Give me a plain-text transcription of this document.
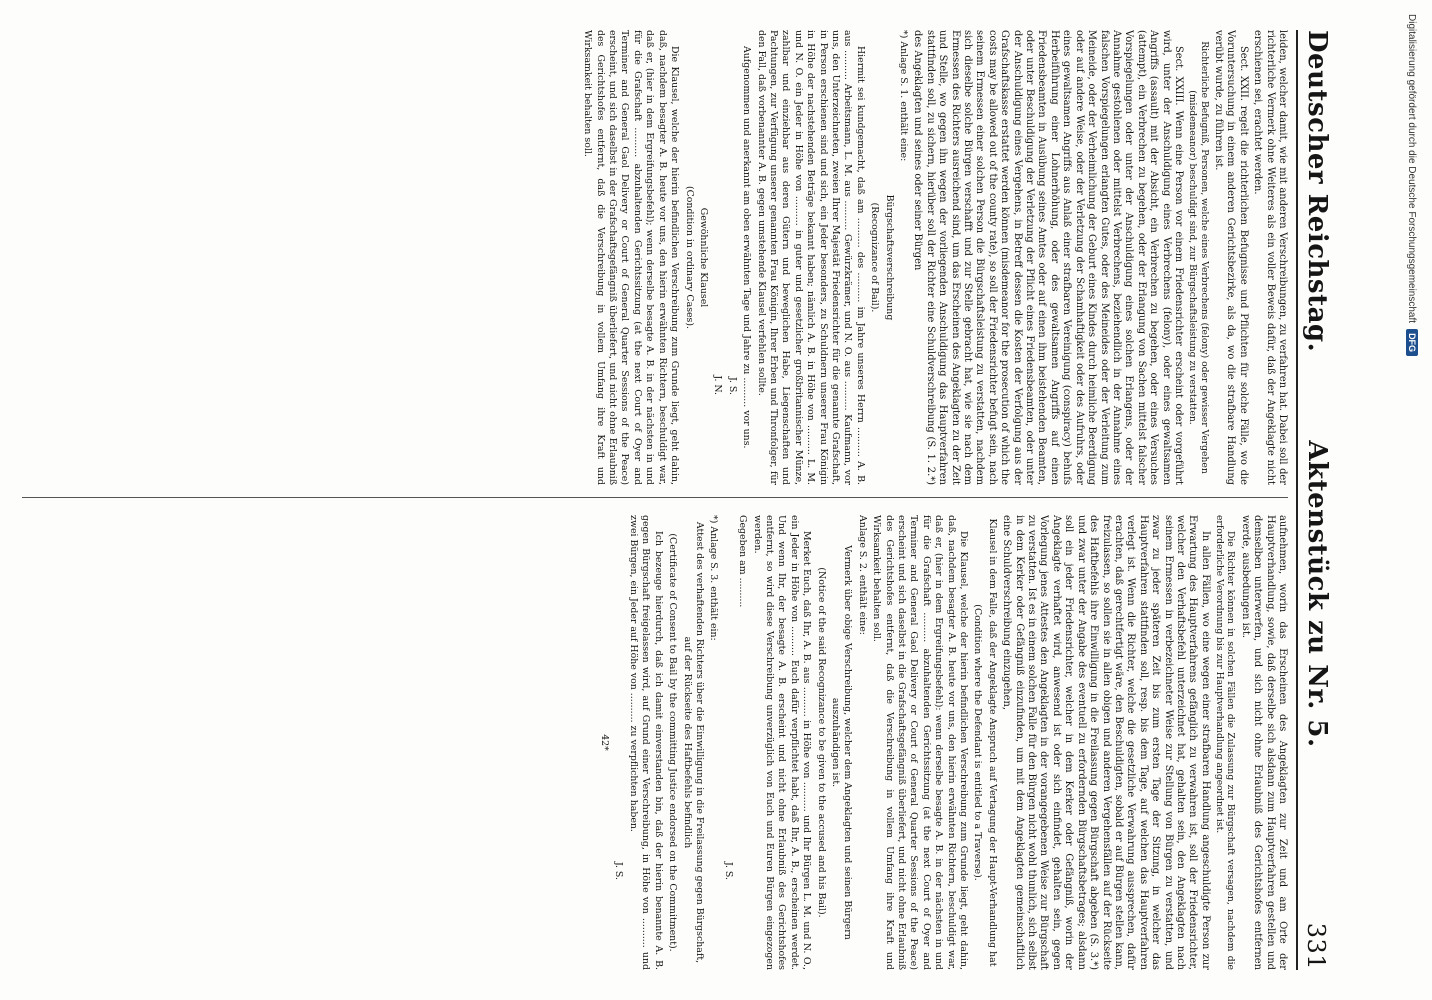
Deutscher Reichstag.
Aktenstück zu Nr. 5.
331

leiden, welcher damit, wie mit anderen Verschreibungen, zu verfahren hat. Dabei soll der richterliche Vermerk ohne Weiteres als ein voller Beweis dafür, daß der Angeklagte nicht erschienen sei, erachtet werden.

Sect. XXII. regelt die richterlichen Befugnisse und Pflichten für solche Fälle, wo die Voruntersuchung in einem anderen Gerichtsbezirke, als da, wo die strafbare Handlung verübt wurde, zu führen ist.

Richterliche Befugniß, Personen, welche eines Verbrechens (felony) oder gewisser Vergehen (misdemeanor) beschuldigt sind, zur Bürgschaftsleistung zu verstatten.

Sect. XXIII. Wenn eine Person vor einem Friedensrichter erscheint oder vorgeführt wird, unter der Anschuldigung eines Verbrechens (felony), oder eines gewaltsamen Angriffs (assault) mit der Absicht, ein Verbrechen zu begehen, oder eines Versuches (attempt), ein Verbrechen zu begehen, oder der Erlangung von Sachen mittelst falscher Vorspiegelungen oder unter der Anschuldigung eines solchen Erlangens, oder der Annahme gestohlenen oder mittelst Verbrechens, beziehendlich in der Annahme eines falschen Vorspiegelungen erlangten Gutes, oder des Meineides oder der Verleitung zum Meineide, oder der Verheimlichung der Geburt eines Kindes durch heimliche Beerdigung oder auf andere Weise, oder der Verletzung der Schamhaftigkeit oder des Aufruhrs, oder eines gewaltsamen Angriffs aus Anlaß einer strafbaren Vereinigung (conspiracy) behufs Herbeiführung einer Lohnerhöhung, oder des gewaltsamen Angriffs auf einen Friedensbeamten in Ausübung seines Amtes oder auf einen ihm beistehenden Beamten, oder unter Beschuldigung der Verletzung der Pflicht eines Friedensbeamten, oder unter der Anschuldigung eines Vergehens, in Betreff dessen die Kosten der Verfolgung aus der Grafschaftskasse erstattet werden können (misdemeanor for the prosecution of which the costs may be allowed out of the county rate), so soll der Friedensrichter befugt sein, nach seinem Ermessen einer solchen Person die Bürgschaftsleistung zu verstatten, nachdem sich dieselbe solche Bürgen verschafft und zur Stelle gebracht hat, wie sie nach dem Ermessen des Richters ausreichend sind, um das Erscheinen des Angeklagten zu der Zeit und Stelle, wo gegen ihn wegen der vorliegenden Anschuldigung das Hauptverfahren stattfinden soll, zu sichern, hierüber soll der Richter eine Schuldverschreibung (S. 1. 2.*) des Angeklagten und seines oder seiner Bürgen

*) Anlage S. 1. enthält eine:

Bürgschaftsverschreibung

(Recognizance of Bail).

Hiermit sei kundgemacht, daß am .......... des .......... im Jahre unseres Herrn .......... A. B. aus .......... Arbeitsmann, L. M. aus .......... Gewürzkrämer, und N. O. aus .......... Kaufmann, vor uns, den Unterzeichneten, zweien Ihrer Majestät Friedensrichter für die genannte Grafschaft, in Person erschienen sind und sich, ein Jeder besonders, zu Schuldnern unserer Frau Königin in Höhe der nachstehenden Beträge bekannt haben; nämlich A. B. in Höhe von .......... L. M. und N. O. ein Jeder in Höhe von .......... in guter und gesetzlicher großbritannischer Münze, zahlbar und einziehbar aus deren Gütern und beweglichen Habe, Liegenschaften und Pachtungen, zur Verfügung unserer genannten Frau Königin, Ihrer Erben und Thronfolger, für den Fall, daß vorbenannter A. B. gegen umstehende Klausel verfehlen sollte.

Aufgenommen und anerkannt am oben erwähnten Tage und Jahre zu .......... vor uns.

J. S.

J. N.

Gewöhnliche Klausel

(Condition in ordinary Cases).

Die Klausel, welche der hierin befindlichen Verschreibung zum Grunde liegt, geht dahin, daß, nachdem besagter A. B. heute vor uns, den hierin erwähnten Richtern, beschuldigt war, daß er, (hier in dem Ergreifungsbefehl); wenn derselbe besagte A. B. in der nächsten in und für die Grafschaft .......... abzuhaltenden Gerichtssitzung (at the next Court of Oyer and Terminer and General Gaol Delivery or Court of General Quarter Sessions of the Peace) erscheint, und sich daselbst in der Grafschaftsgefängniß überliefert, und nicht ohne Erlaubniß des Gerichtshofes entfernt, daß die Verschreibung in vollem Umfang ihre Kraft und Wirksamkeit behalten soll.

aufnehmen, worin das Erscheinen des Angeklagten zur Zeit und am Orte der Hauptverhandlung, sowie, daß derselbe sich alsdann zum Hauptverfahren gestellen und demselben unterwerfen, und sich nicht ohne Erlaubniß des Gerichtshofes entfernen werde, ausbedungen ist.

Die Richter können in solchen Fällen die Zulassung zur Bürgschaft versagen, nachdem die erforderliche Verordnung bis zur Hauptverhandlung angeordnet ist.

In allen Fällen, wo eine wegen einer strafbaren Handlung angeschuldigte Person zur Erwartung des Hauptverfahrens gefänglich zu verwahren ist, soll der Friedensrichter, welcher den Verhaftsbefehl unterzeichnet hat, gehalten sein, den Angeklagten nach seinem Ermessen in verbezeichneter Weise zur Stellung von Bürgen zu verstatten, und zwar zu jeder späteren Zeit bis zum ersten Tage der Sitzung, in welcher das Hauptverfahren stattfinden soll, resp. bis dem Tage, auf welchen das Hauptverfahren verlegt ist. Wenn die Richter, welche die gesetzliche Verwahrung aussprechen, dafür erachten, daß gerechtfertigt wäre, den Beschuldigten, sobald er auf Bürgen stellen kann, freizulassen, so sollen sie in allen obigen und anderen Vergehensfällen auf der Rückseite des Haftbefehls ihre Einwilligung in die Freilassung gegen Bürgschaft abgeben (S. 3.*) und zwar unter der Angabe des eventuell zu erfordernden Bürgschaftsbetrages; alsdann soll ein jeder Friedensrichter, welcher in dem Kerker oder Gefängniß, worin der Angeklagte verhaftet wird, anwesend ist oder sich einfindet, gehalten sein, gegen Vorlegung jenes Attestes den Angeklagten in der vorangegebenen Weise zur Bürgschaft zu verstatten. Ist es in einem solchen Falle für den Bürgen nicht wohl thunlich, sich selbst in dem Kerker oder Gefängniß einzufinden, um mit dem Angeklagten gemeinschaftlich eine Schuldverschreibung einzugehen,

Klausel in dem Falle, daß der Angeklagte Anspruch auf Vertagung der Haupt-Verhandlung hat

(Condition where the Defendant is entitled to a Traverse).

Die Klausel, welche der hierin befindlichen Verschreibung zum Grunde liegt, geht dahin, daß, nachdem besagter A. B. heute vor uns, den hierin erwähnten Richtern, beschuldigt war, daß er, (hier in dem Ergreifungsbefehl): wenn derselbe besagte A. B. in der nächsten in und für die Grafschaft .......... abzuhaltenden Gerichtssitzung (at the next Court of Oyer and Terminer and General Gaol Delivery or Court of General Quarter Sessions of the Peace) erscheint und sich daselbst in die Grafschaftsgefängniß überliefert, und nicht ohne Erlaubniß des Gerichtshofes entfernt, daß die Verschreibung in vollem Umfang ihre Kraft und Wirksamkeit behalten soll.

Anlage S. 2. enthält eine:

Vermerk über obige Verschreibung, welcher dem Angeklagten und seinen Bürgern auszuhändigen ist.

(Notice of the said Recognizance to be given to the accused and his Bail).

Merket Euch, daß Ihr, A. B. aus .......... in Höhe von .......... und Ihr Bürgen L. M. und N. O., ein Jeder in Höhe von .......... Euch dafür verpflichtet habt, daß Ihr, A. B., erscheinen werdet. Und wenn Ihr, der besagte A. B. erscheint und nicht ohne Erlaubniß des Gerichtshofes entfernt, so wird diese Verschreibung unverzüglich von Euch und Euren Bürgen eingezogen werden.

Gegeben am ..........

J. S.

*) Anlage S. 3. enthält ein:

Attest des verhaftenden Richters über die Einwilligung in die Freilassung gegen Bürgschaft, auf der Rückseite des Haftbefehls befindlich

(Certificate of Consent to Bail by the committing Justice endorsed on the Commitment).

Ich bezeuge hierdurch, daß ich damit einverstanden bin, daß der hierin benannte A. B. gegen Bürgschaft freigelassen wird, auf Grund einer Verschreibung, in Höhe von .......... und zwei Bürgen, ein Jeder auf Höhe von .......... zu verpflichten haben.

J. S.

42*

Digitalisierung gefördert durch die Deutsche Forschungsgemeinschaft
DFG
